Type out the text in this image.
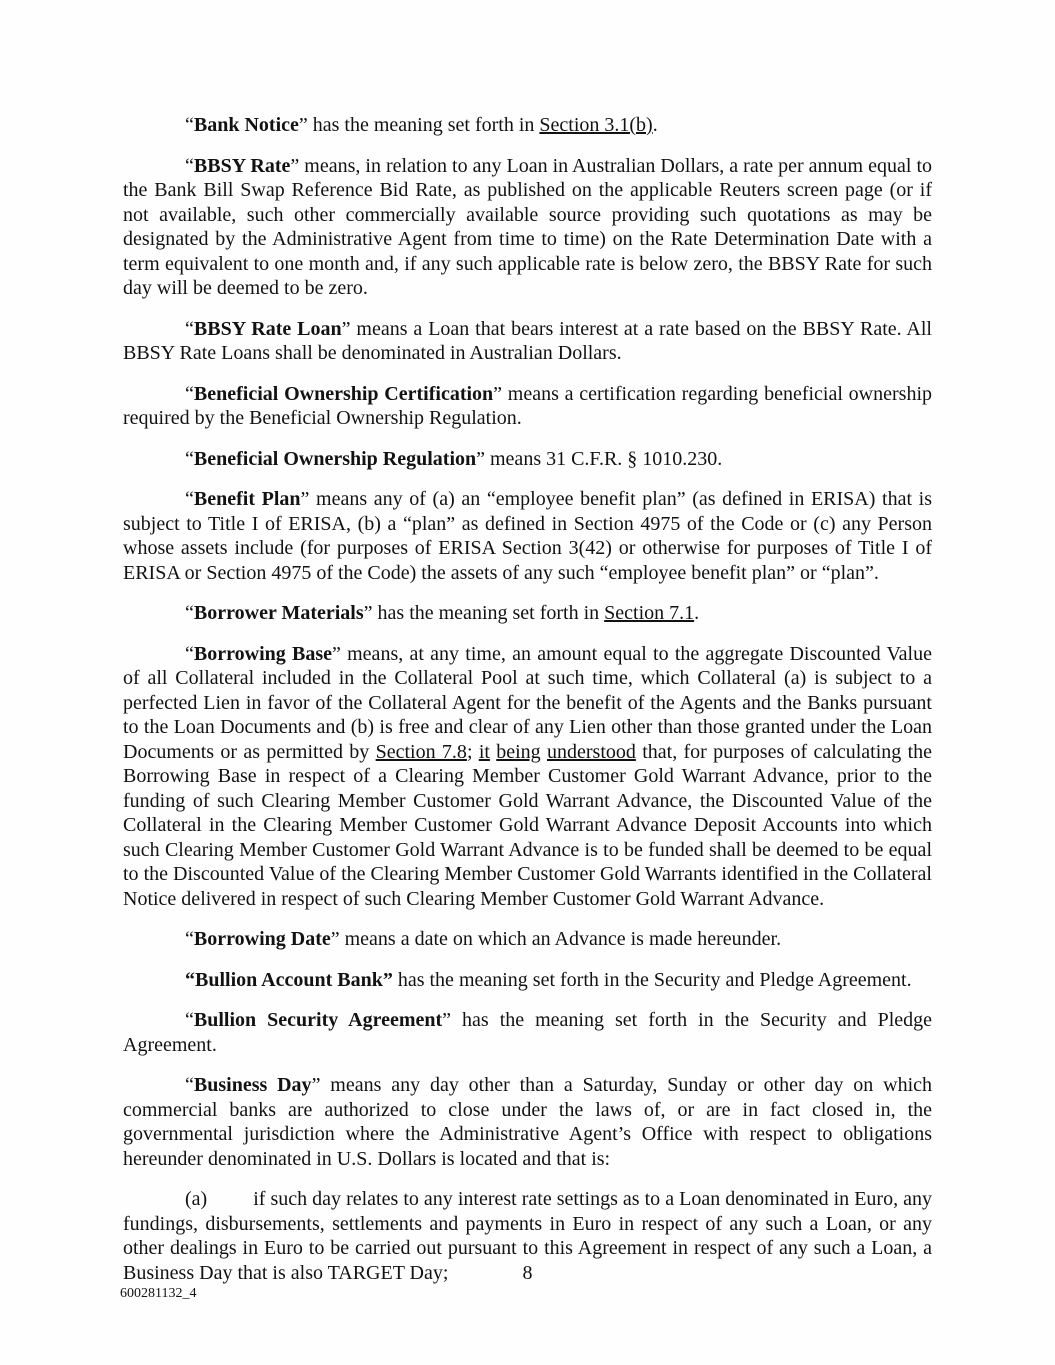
“Bank Notice” has the meaning set forth in Section 3.1(b).

“BBSY Rate” means, in relation to any Loan in Australian Dollars, a rate per annum equal to the Bank Bill Swap Reference Bid Rate, as published on the applicable Reuters screen page (or if not available, such other commercially available source providing such quotations as may be designated by the Administrative Agent from time to time) on the Rate Determination Date with a term equivalent to one month and, if any such applicable rate is below zero, the BBSY Rate for such day will be deemed to be zero.

“BBSY Rate Loan” means a Loan that bears interest at a rate based on the BBSY Rate. All BBSY Rate Loans shall be denominated in Australian Dollars.

“Beneficial Ownership Certification” means a certification regarding beneficial ownership required by the Beneficial Ownership Regulation.

“Beneficial Ownership Regulation” means 31 C.F.R. § 1010.230.

“Benefit Plan” means any of (a) an “employee benefit plan” (as defined in ERISA) that is subject to Title I of ERISA, (b) a “plan” as defined in Section 4975 of the Code or (c) any Person whose assets include (for purposes of ERISA Section 3(42) or otherwise for purposes of Title I of ERISA or Section 4975 of the Code) the assets of any such “employee benefit plan” or “plan”.

“Borrower Materials” has the meaning set forth in Section 7.1.

“Borrowing Base” means, at any time, an amount equal to the aggregate Discounted Value of all Collateral included in the Collateral Pool at such time, which Collateral (a) is subject to a perfected Lien in favor of the Collateral Agent for the benefit of the Agents and the Banks pursuant to the Loan Documents and (b) is free and clear of any Lien other than those granted under the Loan Documents or as permitted by Section 7.8; it being understood that, for purposes of calculating the Borrowing Base in respect of a Clearing Member Customer Gold Warrant Advance, prior to the funding of such Clearing Member Customer Gold Warrant Advance, the Discounted Value of the Collateral in the Clearing Member Customer Gold Warrant Advance Deposit Accounts into which such Clearing Member Customer Gold Warrant Advance is to be funded shall be deemed to be equal to the Discounted Value of the Clearing Member Customer Gold Warrants identified in the Collateral Notice delivered in respect of such Clearing Member Customer Gold Warrant Advance.

“Borrowing Date” means a date on which an Advance is made hereunder.

“Bullion Account Bank” has the meaning set forth in the Security and Pledge Agreement.

“Bullion Security Agreement” has the meaning set forth in the Security and Pledge Agreement.

“Business Day” means any day other than a Saturday, Sunday or other day on which commercial banks are authorized to close under the laws of, or are in fact closed in, the governmental jurisdiction where the Administrative Agent’s Office with respect to obligations hereunder denominated in U.S. Dollars is located and that is:

(a) if such day relates to any interest rate settings as to a Loan denominated in Euro, any fundings, disbursements, settlements and payments in Euro in respect of any such a Loan, or any other dealings in Euro to be carried out pursuant to this Agreement in respect of any such a Loan, a Business Day that is also TARGET Day;	8
600281132_4
